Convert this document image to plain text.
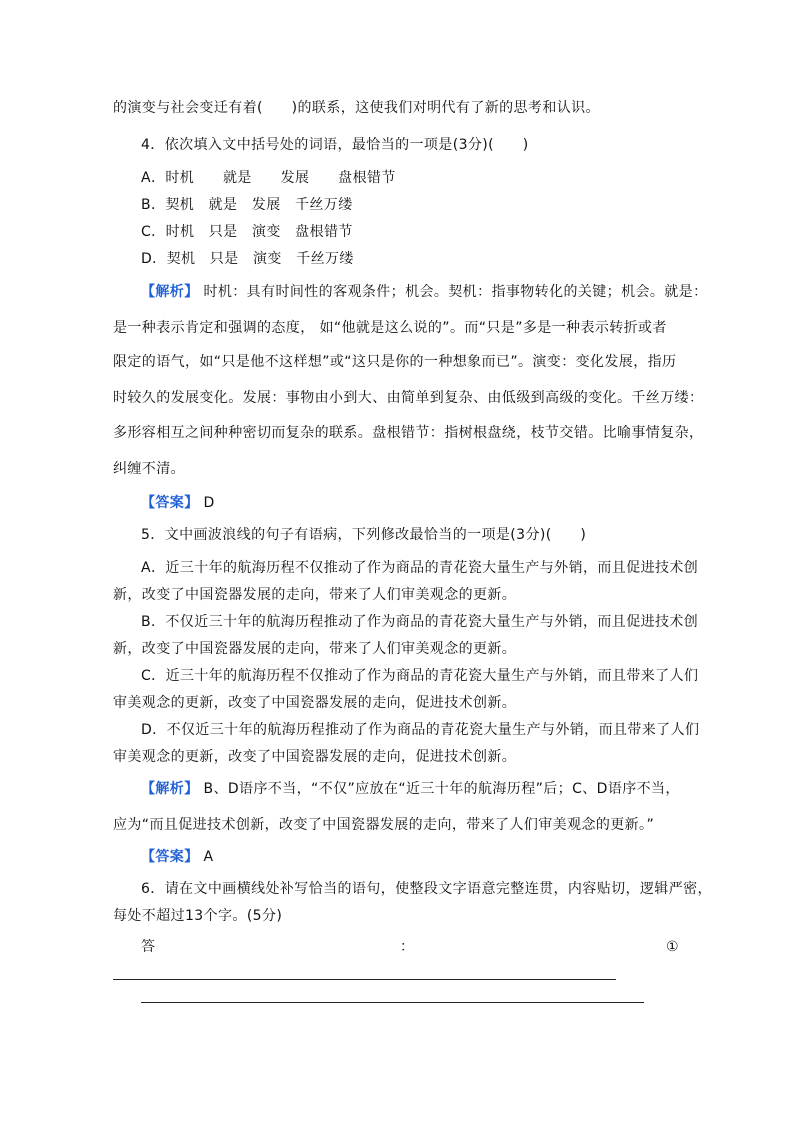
的演变与社会变迁有着(　　)的联系，这使我们对明代有了新的思考和认识。
4．依次填入文中括号处的词语，最恰当的一项是(3分)(　　)
A．时机　　就是　　发展　　盘根错节
B．契机　就是　发展　千丝万缕
C．时机　只是　演变　盘根错节
D．契机　只是　演变　千丝万缕
【解析】 时机：具有时间性的客观条件；机会。契机：指事物转化的关键；机会。就是：
是一种表示肯定和强调的态度， 如“他就是这么说的”。而“只是”多是一种表示转折或者
限定的语气，如“只是他不这样想”或“这只是你的一种想象而已”。演变：变化发展，指历
时较久的发展变化。发展：事物由小到大、由简单到复杂、由低级到高级的变化。千丝万缕：
多形容相互之间种种密切而复杂的联系。盘根错节：指树根盘绕，枝节交错。比喻事情复杂，
纠缠不清。
【答案】 D
5．文中画波浪线的句子有语病，下列修改最恰当的一项是(3分)(　　)
A．近三十年的航海历程不仅推动了作为商品的青花瓷大量生产与外销，而且促进技术创
新，改变了中国瓷器发展的走向，带来了人们审美观念的更新。
B．不仅近三十年的航海历程推动了作为商品的青花瓷大量生产与外销，而且促进技术创
新，改变了中国瓷器发展的走向，带来了人们审美观念的更新。
C．近三十年的航海历程不仅推动了作为商品的青花瓷大量生产与外销，而且带来了人们
审美观念的更新，改变了中国瓷器发展的走向，促进技术创新。
D．不仅近三十年的航海历程推动了作为商品的青花瓷大量生产与外销，而且带来了人们
审美观念的更新，改变了中国瓷器发展的走向，促进技术创新。
【解析】 B、D语序不当，“不仅”应放在“近三十年的航海历程”后；C、D语序不当，
应为“而且促进技术创新，改变了中国瓷器发展的走向，带来了人们审美观念的更新。”
【答案】 A
6．请在文中画横线处补写恰当的语句，使整段文字语意完整连贯，内容贴切，逻辑严密，
每处不超过13个字。(5分)
答	：	①
